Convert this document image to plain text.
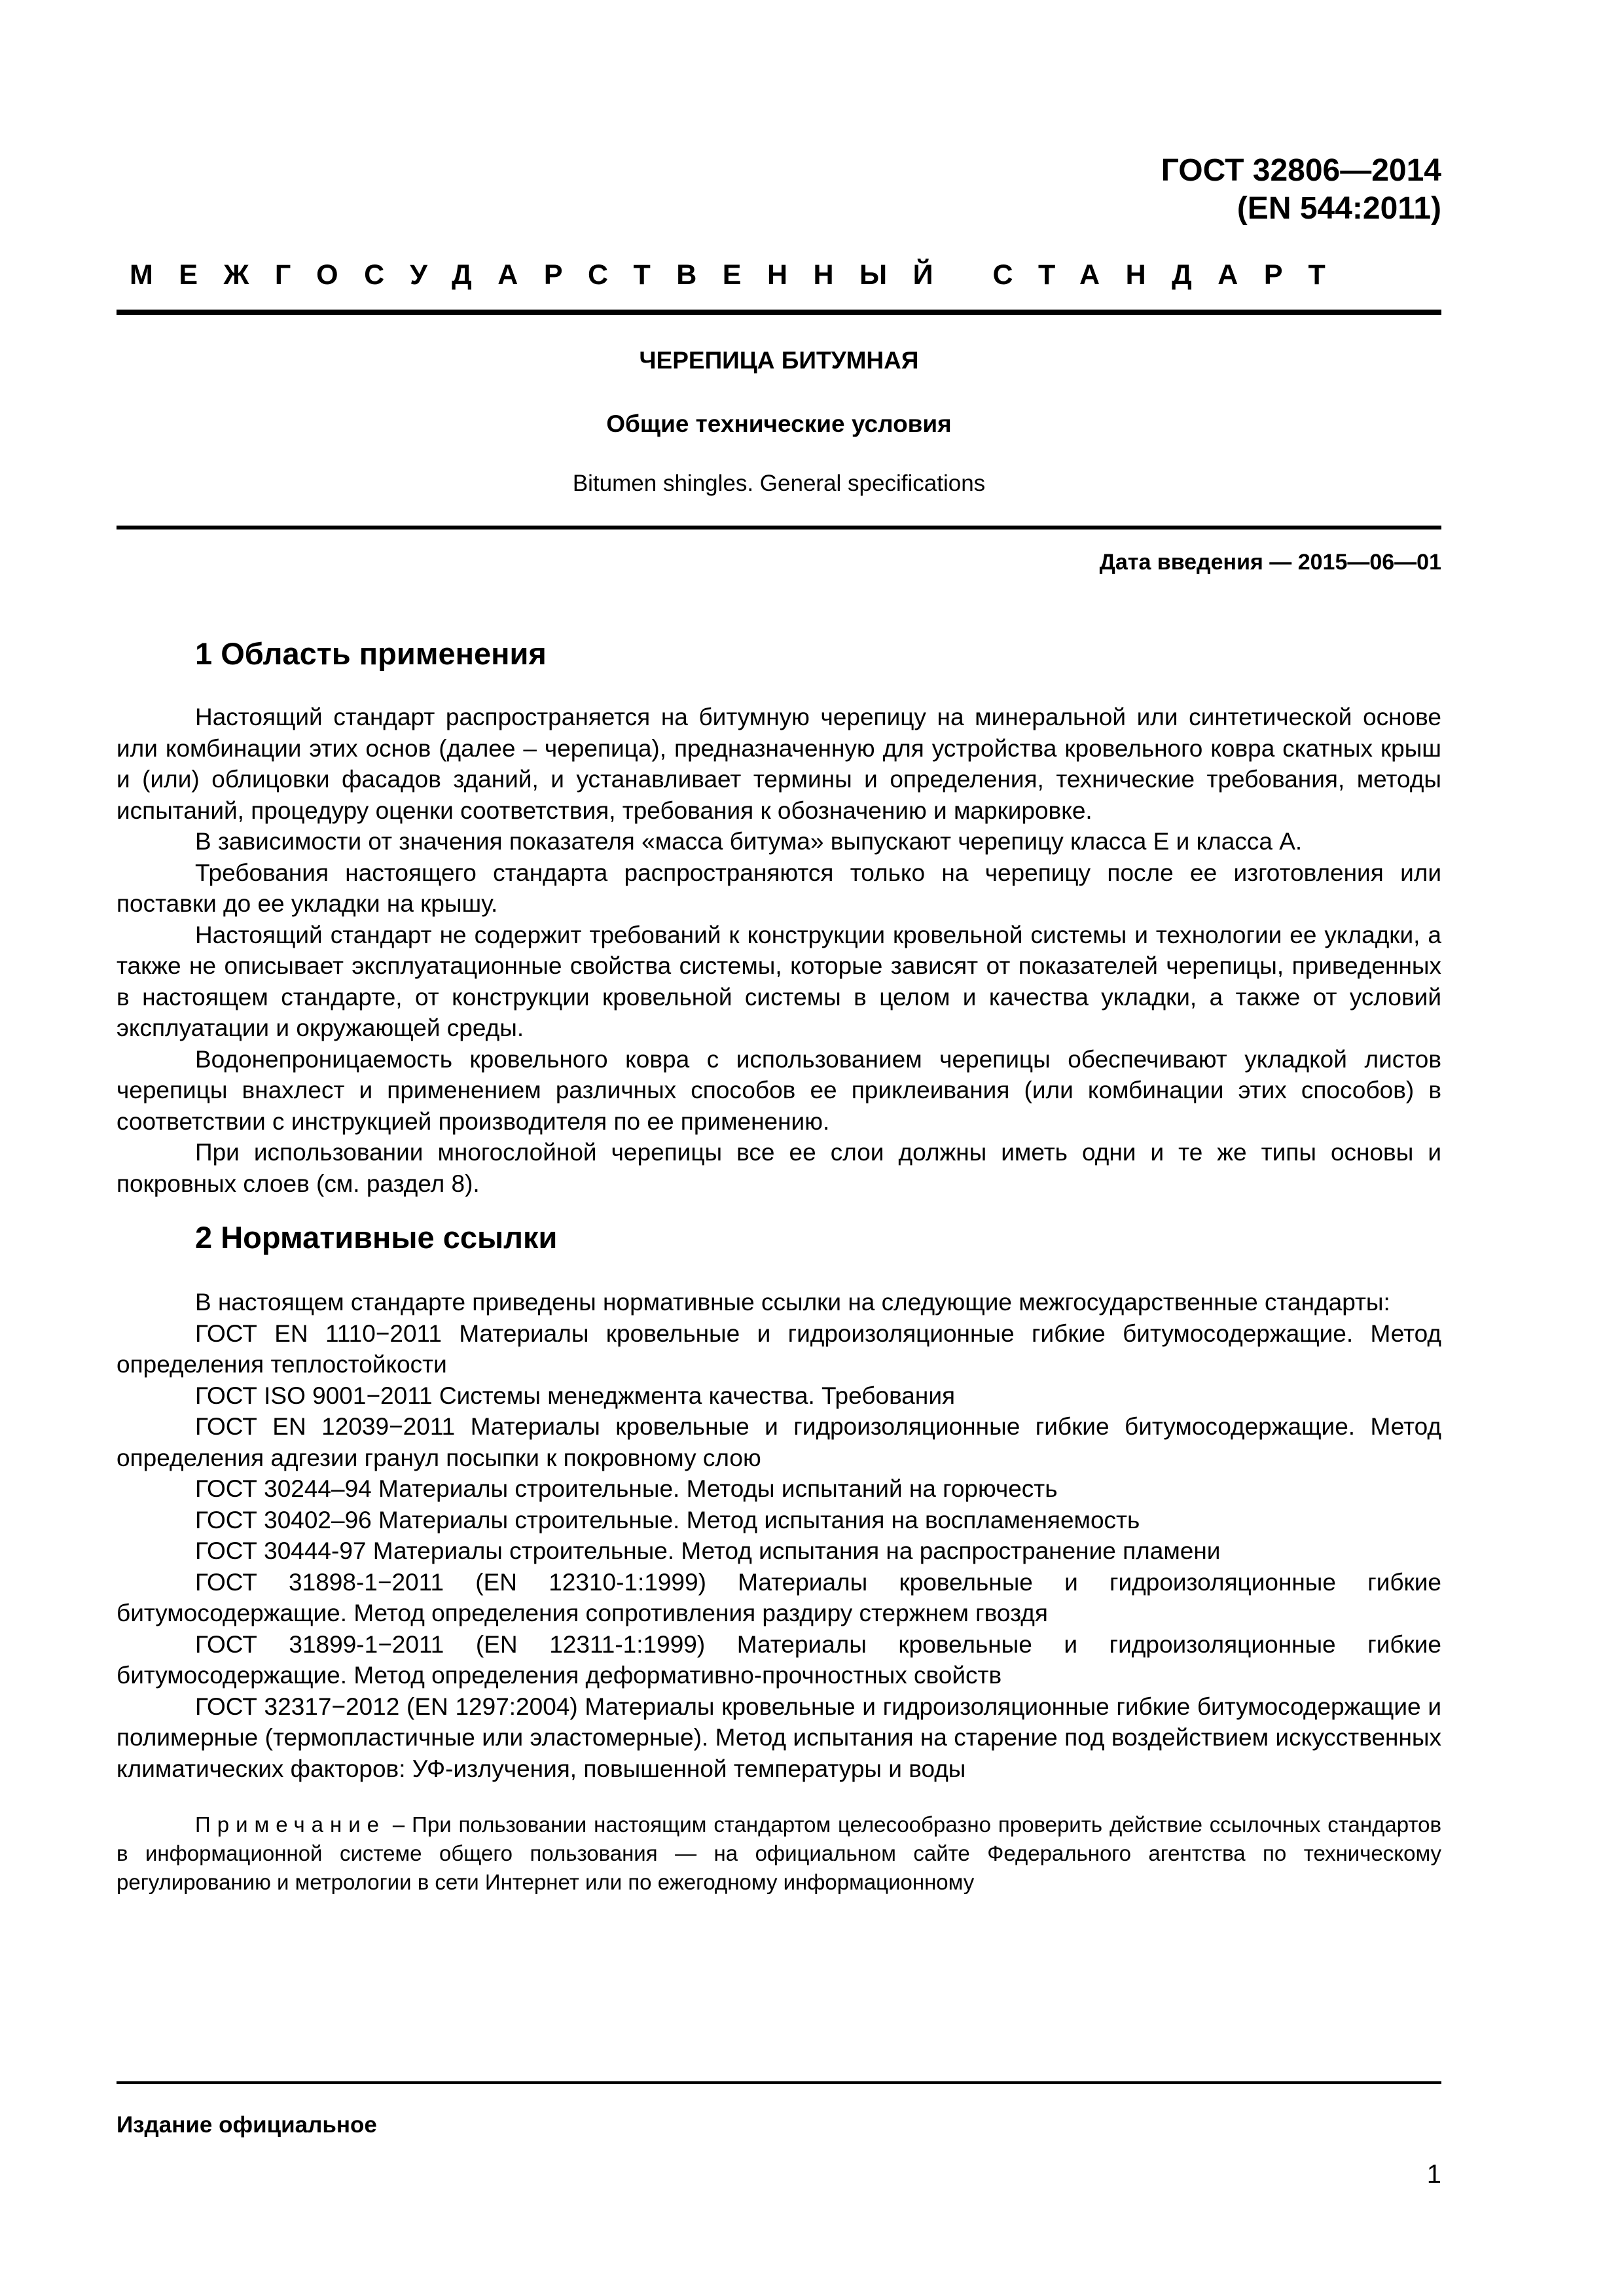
ГОСТ 32806—2014
(EN 544:2011)
МЕЖГОСУДАРСТВЕННЫЙ СТАНДАРТ
ЧЕРЕПИЦА БИТУМНАЯ
Общие технические условия
Bitumen shingles. General specifications
Дата введения — 2015—06—01
1 Область применения

Настоящий стандарт распространяется на битумную черепицу на минеральной или синтетической основе или комбинации этих основ (далее – черепица), предназначенную для устройства кровельного ковра скатных крыш и (или) облицовки фасадов зданий, и устанавливает термины и определения, технические требования, методы испытаний, процедуру оценки соответствия, требования к обозначению и маркировке.

В зависимости от значения показателя «масса битума» выпускают черепицу класса Е и класса А.

Требования настоящего стандарта распространяются только на черепицу после ее изготовления или поставки до ее укладки на крышу.

Настоящий стандарт не содержит требований к конструкции кровельной системы и технологии ее укладки, а также не описывает эксплуатационные свойства системы, которые зависят от показателей черепицы, приведенных в настоящем стандарте, от конструкции кровельной системы в целом и качества укладки, а также от условий эксплуатации и окружающей среды.

Водонепроницаемость кровельного ковра с использованием черепицы обеспечивают укладкой листов черепицы внахлест и применением различных способов ее приклеивания (или комбинации этих способов) в соответствии с инструкцией производителя по ее применению.

При использовании многослойной черепицы все ее слои должны иметь одни и те же типы основы и покровных слоев (см. раздел 8).

2 Нормативные ссылки

В настоящем стандарте приведены нормативные ссылки на следующие межгосударственные стандарты:

ГОСТ EN 1110−2011 Материалы кровельные и гидроизоляционные гибкие битумосодержащие. Метод определения теплостойкости

ГОСТ ISO 9001−2011 Системы менеджмента качества. Требования

ГОСТ EN 12039−2011 Материалы кровельные и гидроизоляционные гибкие битумосодержащие. Метод определения адгезии гранул посыпки к покровному слою

ГОСТ 30244–94 Материалы строительные. Методы испытаний на горючесть

ГОСТ 30402–96 Материалы строительные. Метод испытания на воспламеняемость

ГОСТ 30444-97 Материалы строительные. Метод испытания на распространение пламени

ГОСТ 31898-1−2011 (EN 12310-1:1999) Материалы кровельные и гидроизоляционные гибкие битумосодержащие. Метод определения сопротивления раздиру стержнем гвоздя

ГОСТ 31899-1−2011 (EN 12311-1:1999) Материалы кровельные и гидроизоляционные гибкие битумосодержащие. Метод определения деформативно-прочностных свойств

ГОСТ 32317−2012 (EN 1297:2004) Материалы кровельные и гидроизоляционные гибкие битумосодержащие и полимерные (термопластичные или эластомерные). Метод испытания на старение под воздействием искусственных климатических факторов: УФ-излучения, повышенной температуры и воды

Примечание – При пользовании настоящим стандартом целесообразно проверить действие ссылочных стандартов в информационной системе общего пользования — на официальном сайте Федерального агентства по техническому регулированию и метрологии в сети Интернет или по ежегодному информационному

Издание официальное
1
